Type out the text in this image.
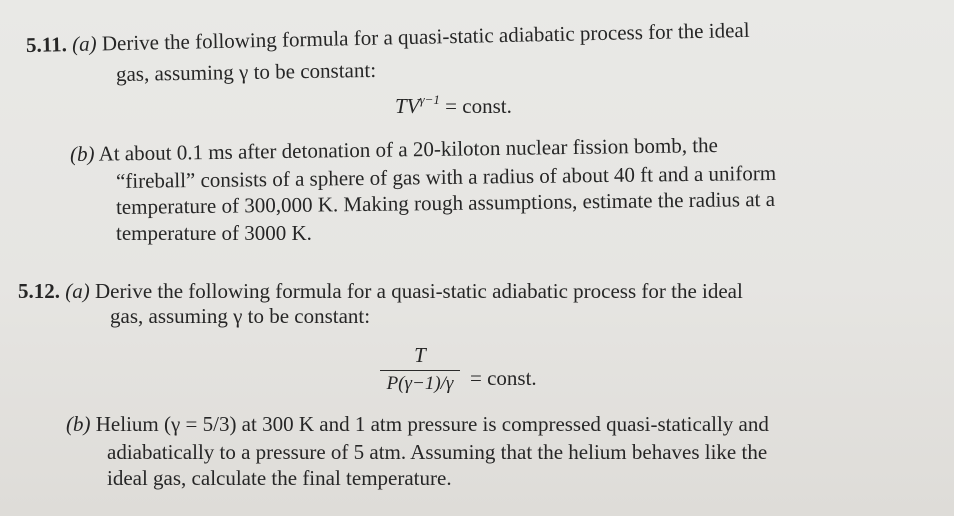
5.11. (a) Derive the following formula for a quasi-static adiabatic process for the ideal
gas, assuming γ to be constant:
$TV^{\gamma-1}$ = const.
(b) At about 0.1 ms after detonation of a 20-kiloton nuclear fission bomb, the
“fireball” consists of a sphere of gas with a radius of about 40 ft and a uniform
temperature of 300,000 K. Making rough assumptions, estimate the radius at a
temperature of 3000 K.
5.12. (a) Derive the following formula for a quasi-static adiabatic process for the ideal
gas, assuming γ to be constant:
T
P(γ−1)/γ = const.
(b) Helium (γ = 5/3) at 300 K and 1 atm pressure is compressed quasi-statically and
adiabatically to a pressure of 5 atm. Assuming that the helium behaves like the
ideal gas, calculate the final temperature.
